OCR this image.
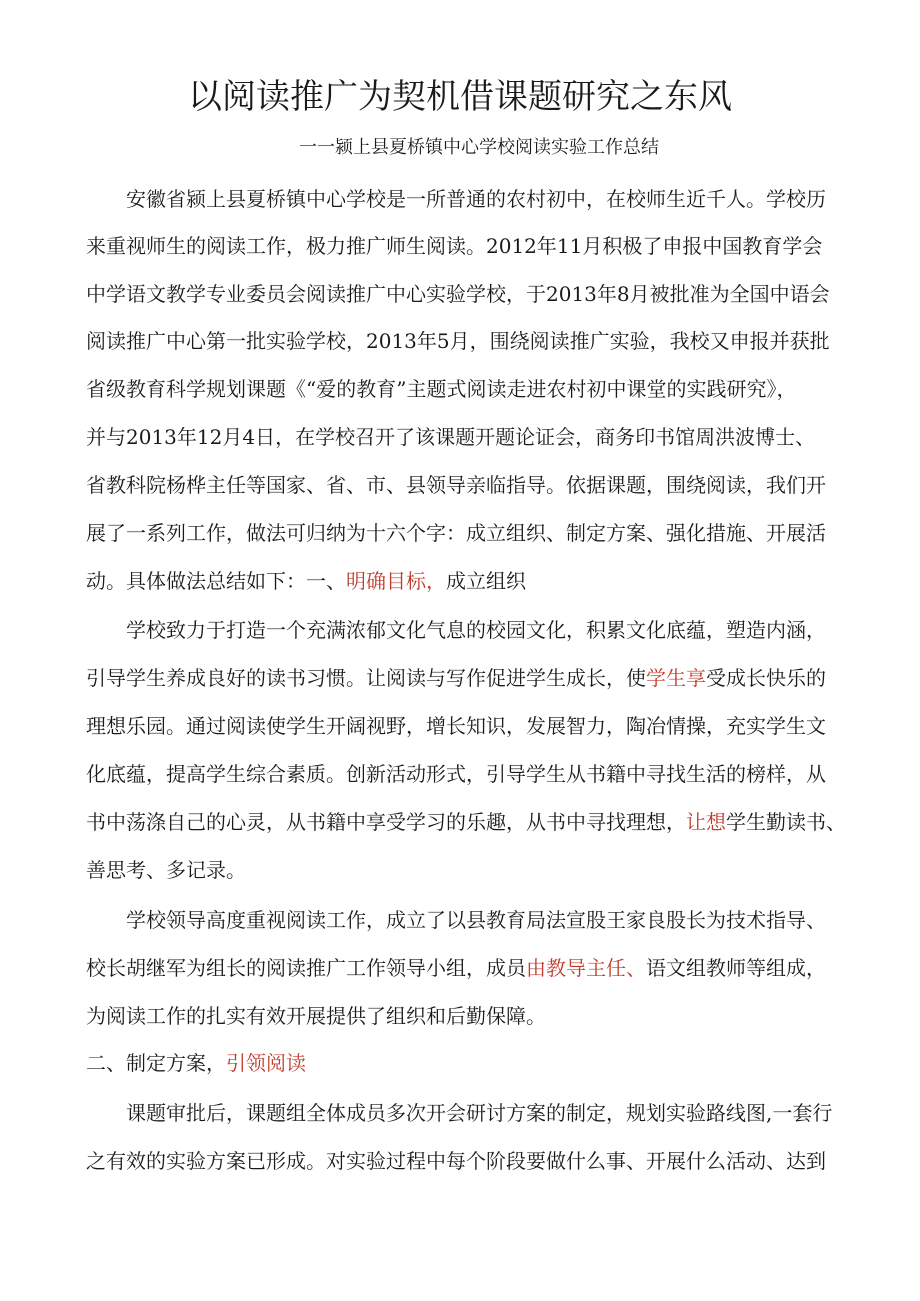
以阅读推广为契机借课题研究之东风

一一颍上县夏桥镇中心学校阅读实验工作总结

安徽省颍上县夏桥镇中心学校是一所普通的农村初中，在校师生近千人。学校历

来重视师生的阅读工作，极力推广师生阅读。2012年11月积极了申报中国教育学会

中学语文教学专业委员会阅读推广中心实验学校，于2013年8月被批准为全国中语会

阅读推广中心第一批实验学校，2013年5月，围绕阅读推广实验，我校又申报并获批

省级教育科学规划课题《“爱的教育”主题式阅读走进农村初中课堂的实践研究》，

并与2013年12月4日，在学校召开了该课题开题论证会，商务印书馆周洪波博士、

省教科院杨桦主任等国家、省、市、县领导亲临指导。依据课题，围绕阅读，我们开

展了一系列工作，做法可归纳为十六个字：成立组织、制定方案、强化措施、开展活

动。具体做法总结如下：一、明确目标，成立组织

学校致力于打造一个充满浓郁文化气息的校园文化，积累文化底蕴，塑造内涵，

引导学生养成良好的读书习惯。让阅读与写作促进学生成长，使学生享受成长快乐的

理想乐园。通过阅读使学生开阔视野，增长知识，发展智力，陶冶情操，充实学生文

化底蕴，提高学生综合素质。创新活动形式，引导学生从书籍中寻找生活的榜样，从

书中荡涤自己的心灵，从书籍中享受学习的乐趣，从书中寻找理想，让想学生勤读书、

善思考、多记录。

学校领导高度重视阅读工作，成立了以县教育局法宣股王家良股长为技术指导、

校长胡继军为组长的阅读推广工作领导小组，成员由教导主任、语文组教师等组成，

为阅读工作的扎实有效开展提供了组织和后勤保障。

二、制定方案，引领阅读

课题审批后，课题组全体成员多次开会研讨方案的制定，规划实验路线图,一套行

之有效的实验方案已形成。对实验过程中每个阶段要做什么事、开展什么活动、达到
